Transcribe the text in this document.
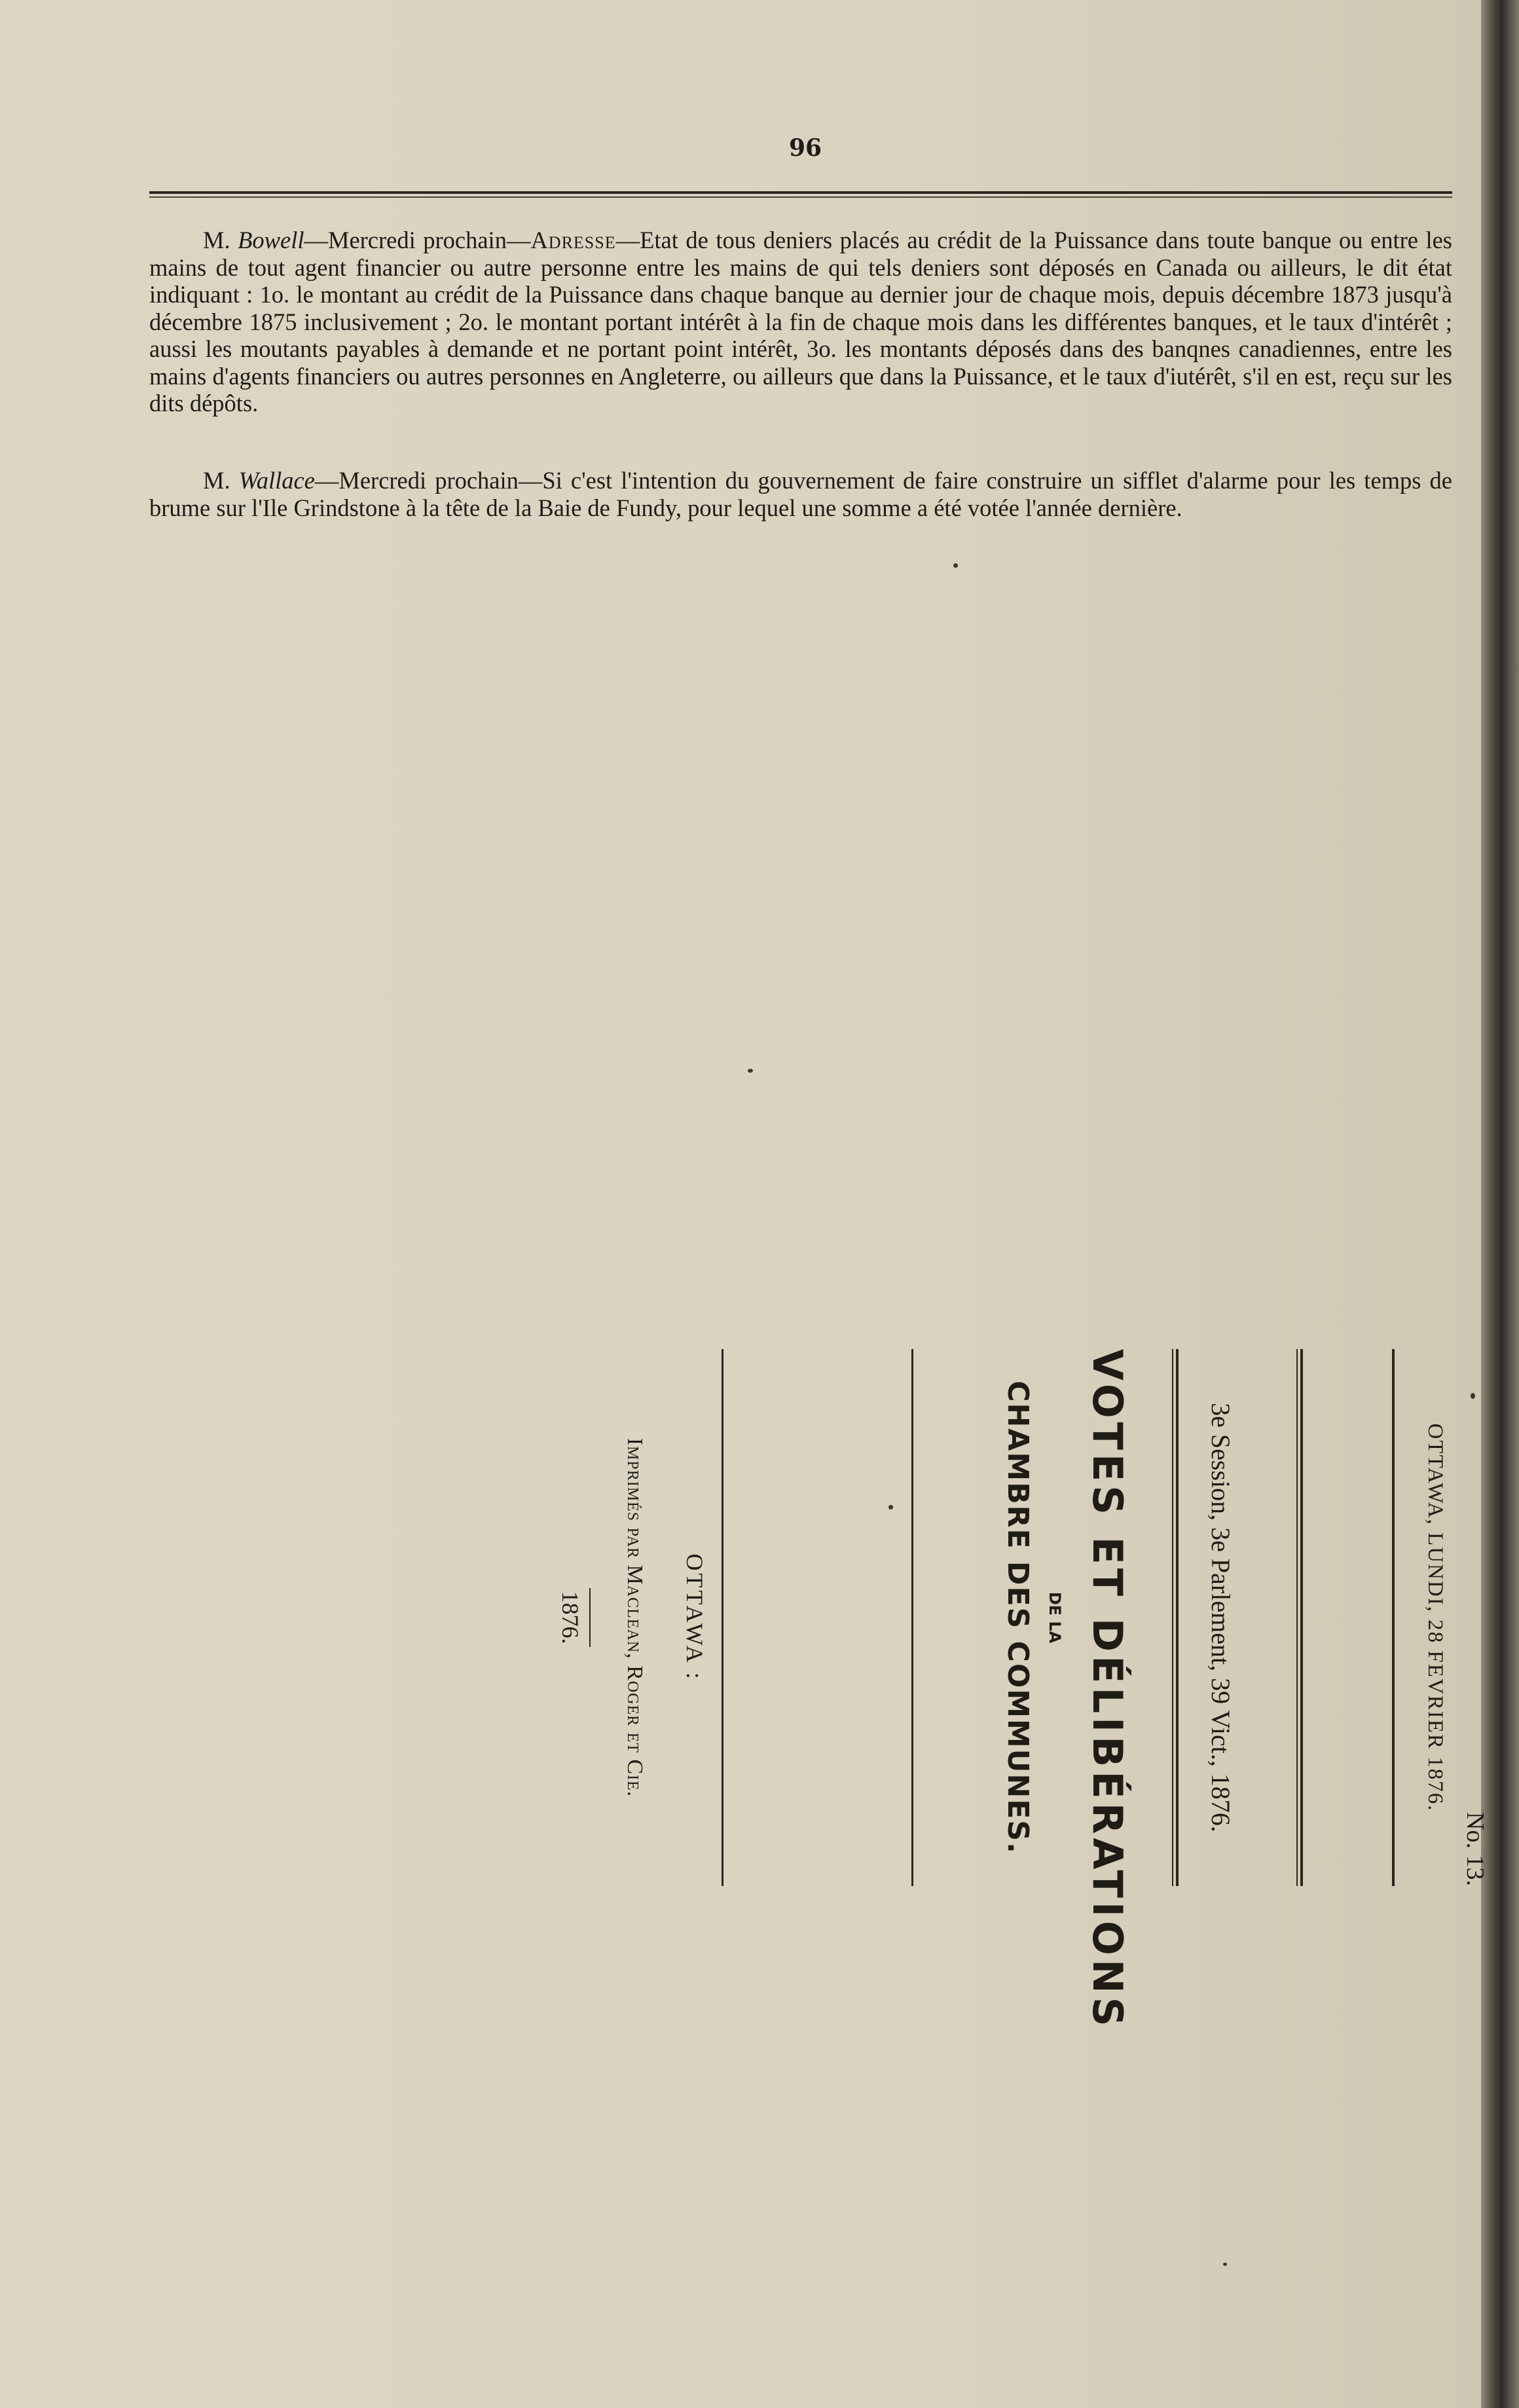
96

M. Bowell—Mercredi prochain—Adresse—Etat de tous deniers placés au crédit de la Puissance dans toute banque ou entre les mains de tout agent financier ou autre personne entre les mains de qui tels deniers sont déposés en Canada ou ailleurs, le dit état indiquant : 1o. le montant au crédit de la Puissance dans chaque banque au dernier jour de chaque mois, depuis décembre 1873 jusqu'à décembre 1875 inclusivement ; 2o. le montant portant intérêt à la fin de chaque mois dans les différentes banques, et le taux d'intérêt ; aussi les moutants payables à demande et ne portant point intérêt, 3o. les montants déposés dans des banqnes canadiennes, entre les mains d'agents financiers ou autres personnes en Angleterre, ou ailleurs que dans la Puissance, et le taux d'iutérêt, s'il en est, reçu sur les dits dépôts.

M. Wallace—Mercredi prochain—Si c'est l'intention du gouvernement de faire construire un sifflet d'alarme pour les temps de brume sur l'Ile Grindstone à la tête de la Baie de Fundy, pour lequel une somme a été votée l'année dernière.

No. 13.
OTTAWA, LUNDI, 28 FEVRIER 1876.
3e Session, 3e Parlement, 39 Vict., 1876.
VOTES ET DÉLIBÉRATIONS
DE LA
CHAMBRE DES COMMUNES.
OTTAWA :
Imprimés par Maclean, Roger et Cie.
1876.
